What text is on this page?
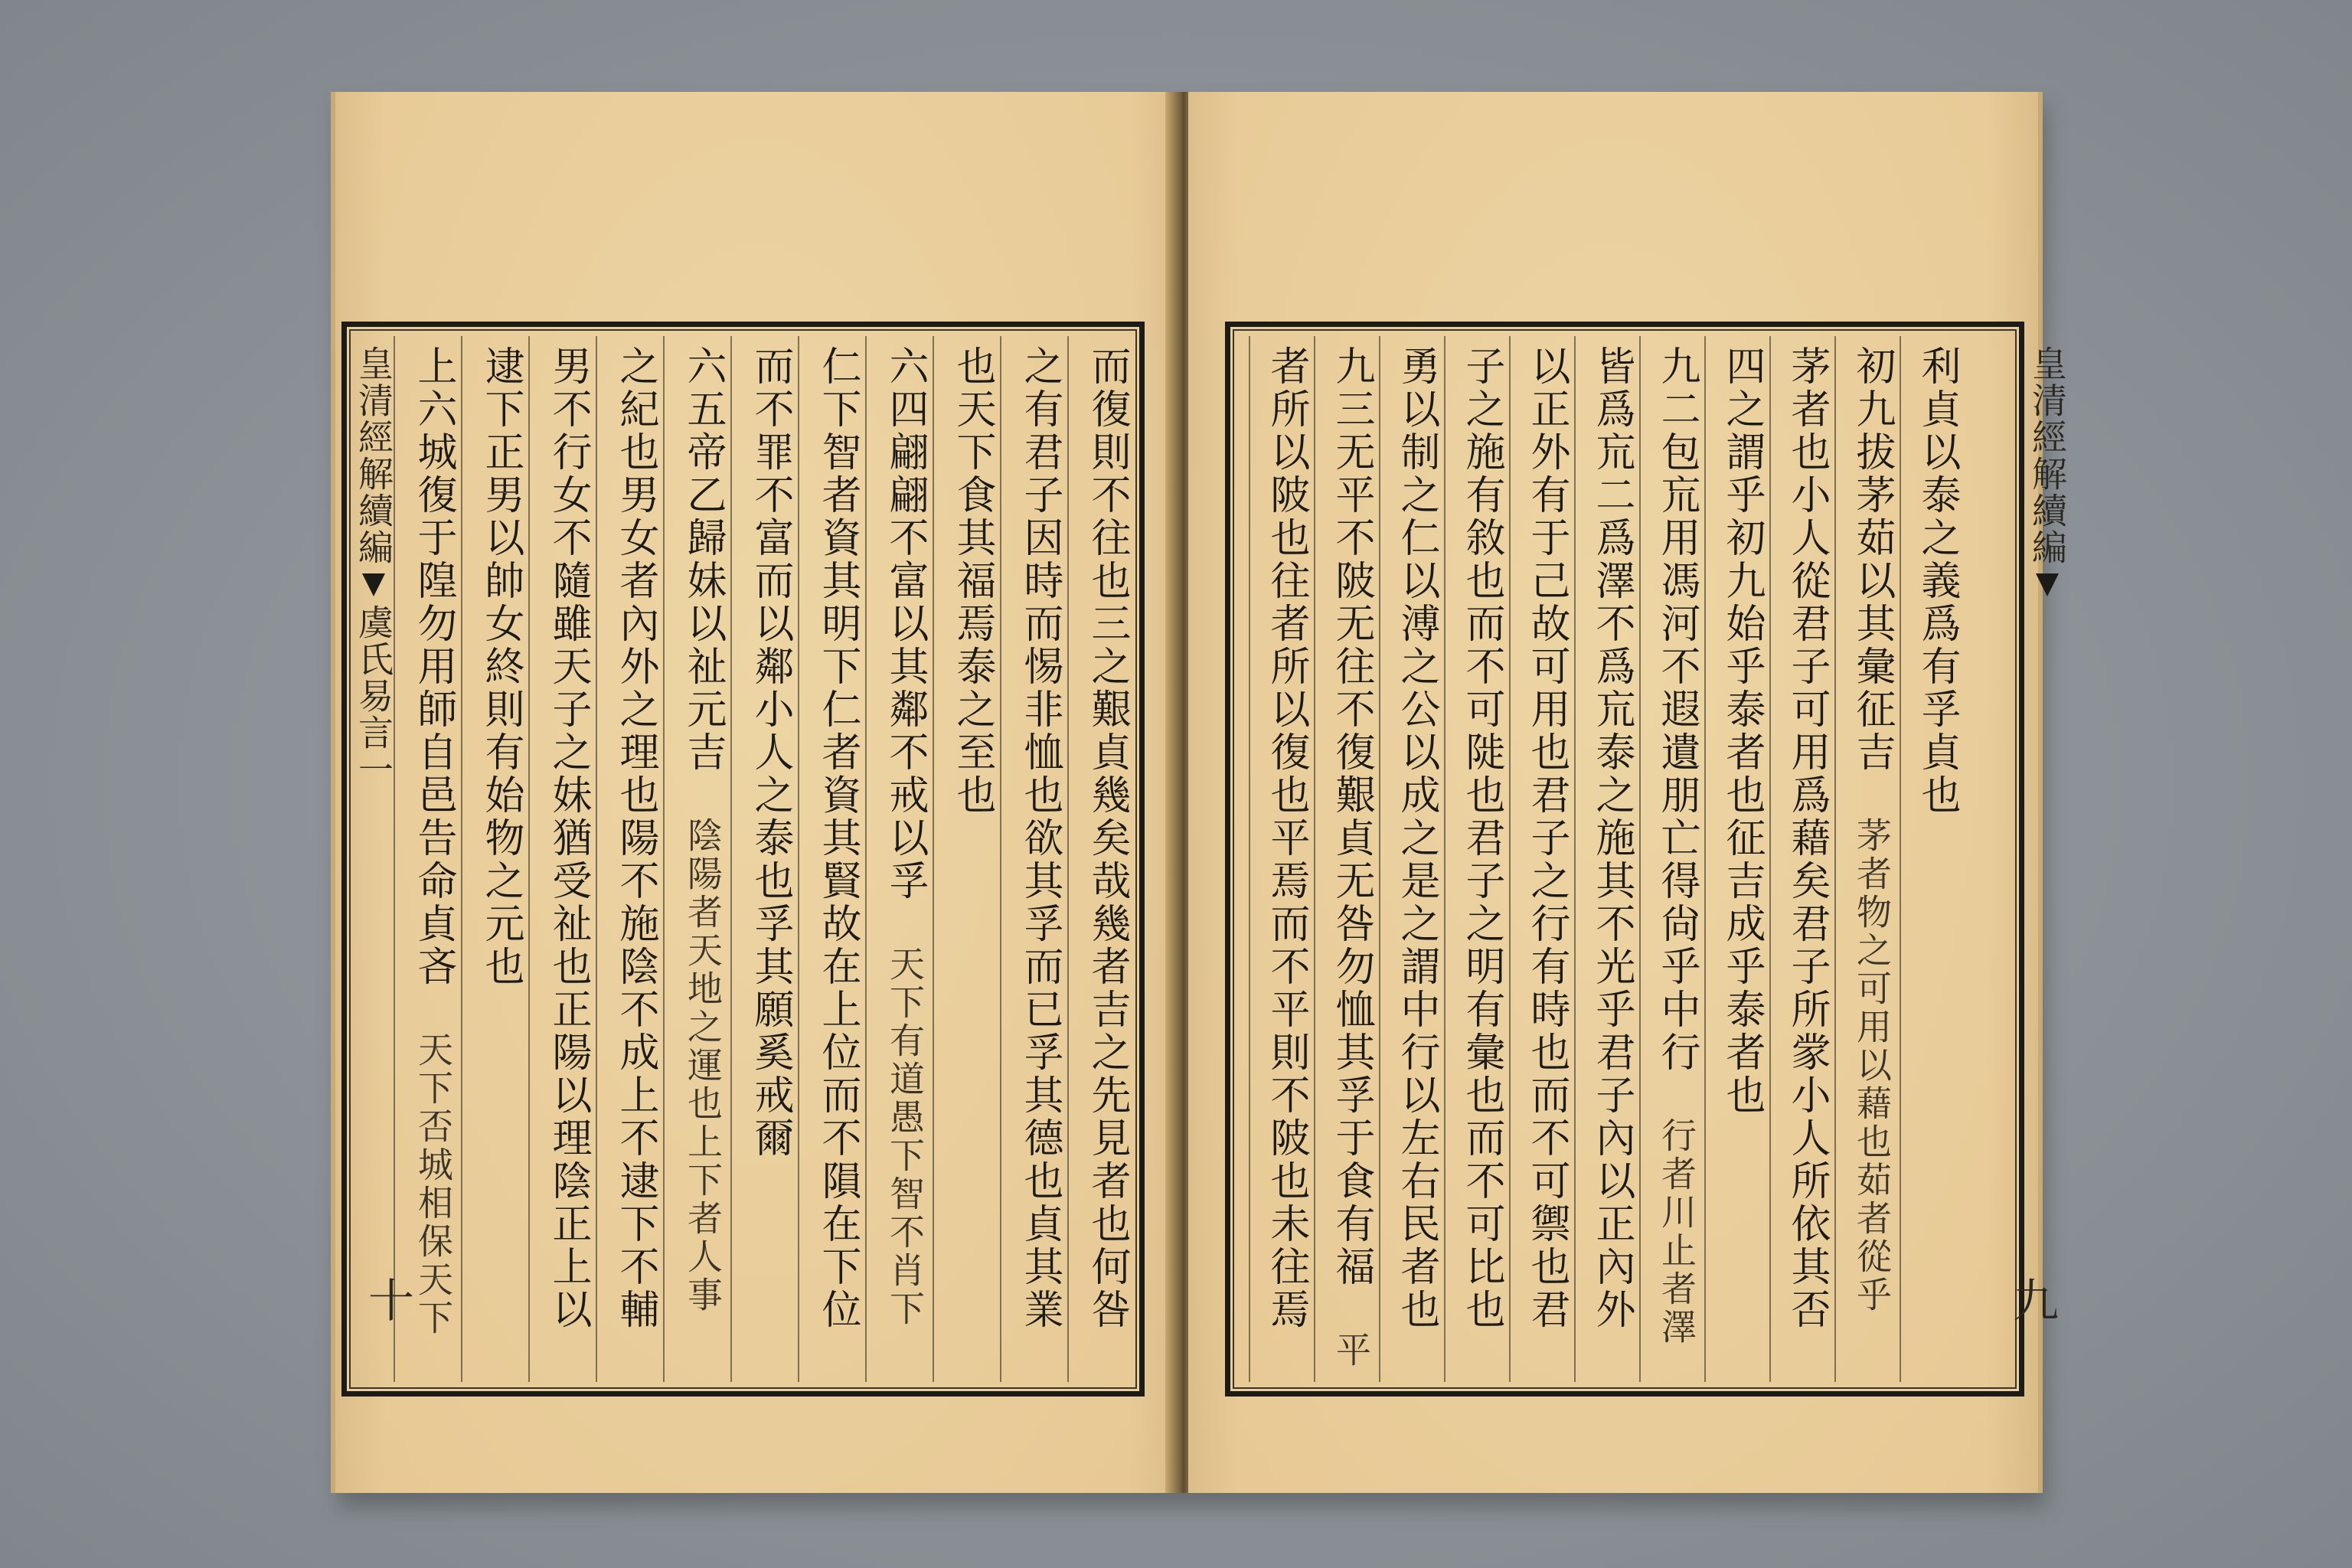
皇清經解續編虞氏易言一
十	而復則不往也三之艱貞幾矣哉幾者吉之先見者也何咎
之有君子因時而惕非恤也欲其孚而已孚其德也貞其業
也天下食其福焉泰之至也
六四翩翩不富以其鄰不戒以孚　天下有道愚下智不肖下
仁下智者資其明下仁者資其賢故在上位而不隕在下位
而不罪不富而以鄰小人之泰也孚其願奚戒爾
六五帝乙歸妹以祉元吉　陰陽者天地之運也上下者人事
之紀也男女者內外之理也陽不施陰不成上不逮下不輔
男不行女不隨雖天子之妹猶受祉也正陽以理陰正上以
逮下正男以帥女終則有始物之元也
上六城復于隍勿用師自邑告命貞吝　天下否城相保天下
皇清經解續編
九
利貞以泰之義爲有孚貞也
初九拔茅茹以其彙征吉　茅者物之可用以藉也茹者從乎
茅者也小人從君子可用爲藉矣君子所䝉小人所依其否
四之謂乎初九始乎泰者也征吉成乎泰者也
九二包巟用馮河不遐遺朋亡得尙乎中行　行者川止者澤
皆爲巟二爲澤不爲巟泰之施其不光乎君子內以正內外
以正外有于己故可用也君子之行有時也而不可禦也君
子之施有敘也而不可𨺗也君子之明有彙也而不可比也
勇以制之仁以溥之公以成之是之謂中行以左右民者也
九三无平不陂无往不復艱貞无咎勿恤其孚于食有福　平
者所以陂也往者所以復也平焉而不平則不陂也未往焉
